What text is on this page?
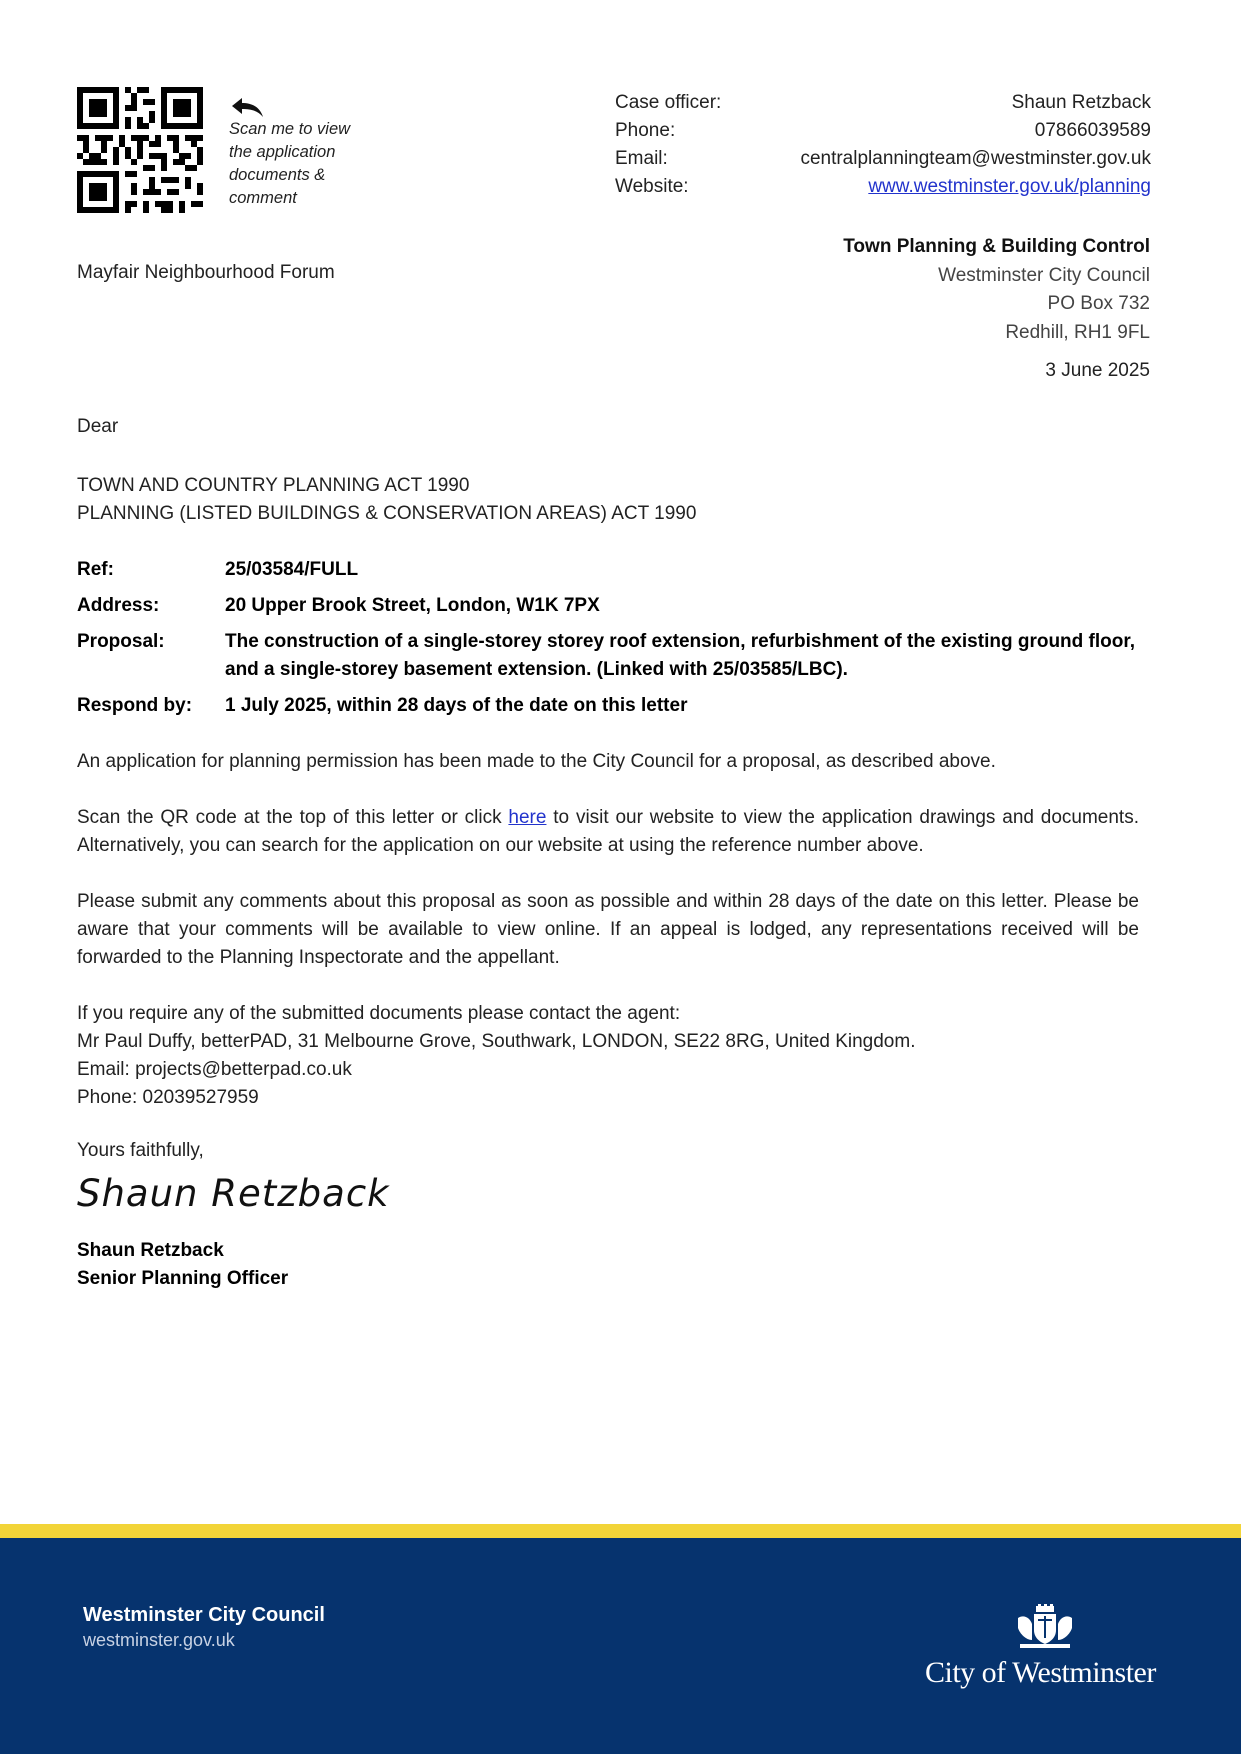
Scan me to view
the application
documents &
comment
Case officer:	Shaun Retzback
Phone:	07866039589
Email:	centralplanningteam@westminster.gov.uk
Website:	www.westminster.gov.uk/planning
Town Planning & Building Control
Westminster City Council
PO Box 732
Redhill, RH1 9FL
Mayfair Neighbourhood Forum
3 June 2025
Dear
TOWN AND COUNTRY PLANNING ACT 1990
PLANNING (LISTED BUILDINGS & CONSERVATION AREAS) ACT 1990
Ref:	25/03584/FULL
Address:	20 Upper Brook Street, London, W1K 7PX
Proposal:	The construction of a single-storey storey roof extension, refurbishment of the existing ground floor, and a single-storey basement extension. (Linked with 25/03585/LBC).
Respond by:	1 July 2025, within 28 days of the date on this letter
An application for planning permission has been made to the City Council for a proposal, as described above.
Scan the QR code at the top of this letter or click here to visit our website to view the application drawings and documents. Alternatively, you can search for the application on our website at using the reference number above.
Please submit any comments about this proposal as soon as possible and within 28 days of the date on this letter. Please be aware that your comments will be available to view online. If an appeal is lodged, any representations received will be forwarded to the Planning Inspectorate and the appellant.
If you require any of the submitted documents please contact the agent:
Mr Paul Duffy, betterPAD, 31 Melbourne Grove, Southwark, LONDON, SE22 8RG, United Kingdom.
Email: projects@betterpad.co.uk
Phone: 02039527959
Yours faithfully,
Shaun Retzback
Shaun Retzback
Senior Planning Officer
Westminster City Council
westminster.gov.uk
City of Westminster
